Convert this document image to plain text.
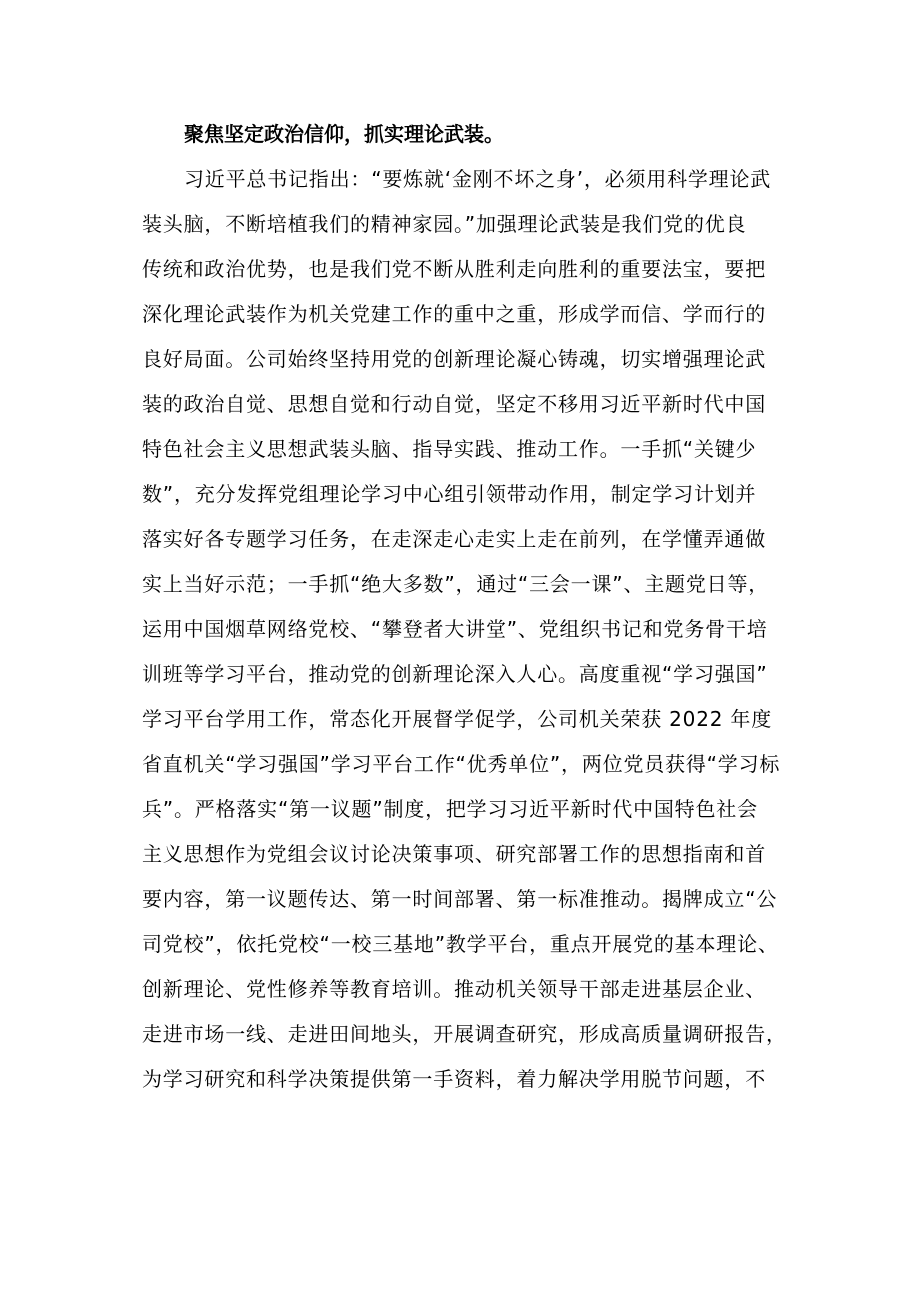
聚焦坚定政治信仰，抓实理论武装。
习近平总书记指出：“要炼就‘金刚不坏之身’，必须用科学理论武
装头脑，不断培植我们的精神家园。”加强理论武装是我们党的优良
传统和政治优势，也是我们党不断从胜利走向胜利的重要法宝，要把
深化理论武装作为机关党建工作的重中之重，形成学而信、学而行的
良好局面。公司始终坚持用党的创新理论凝心铸魂，切实增强理论武
装的政治自觉、思想自觉和行动自觉，坚定不移用习近平新时代中国
特色社会主义思想武装头脑、指导实践、推动工作。一手抓“关键少
数”，充分发挥党组理论学习中心组引领带动作用，制定学习计划并
落实好各专题学习任务，在走深走心走实上走在前列，在学懂弄通做
实上当好示范；一手抓“绝大多数”，通过“三会一课”、主题党日等，
运用中国烟草网络党校、“攀登者大讲堂”、党组织书记和党务骨干培
训班等学习平台，推动党的创新理论深入人心。高度重视“学习强国”
学习平台学用工作，常态化开展督学促学，公司机关荣获 2022 年度
省直机关“学习强国”学习平台工作“优秀单位”，两位党员获得“学习标
兵”。严格落实“第一议题”制度，把学习习近平新时代中国特色社会
主义思想作为党组会议讨论决策事项、研究部署工作的思想指南和首
要内容，第一议题传达、第一时间部署、第一标准推动。揭牌成立“公
司党校”，依托党校“一校三基地”教学平台，重点开展党的基本理论、
创新理论、党性修养等教育培训。推动机关领导干部走进基层企业、
走进市场一线、走进田间地头，开展调查研究，形成高质量调研报告，
为学习研究和科学决策提供第一手资料，着力解决学用脱节问题，不
